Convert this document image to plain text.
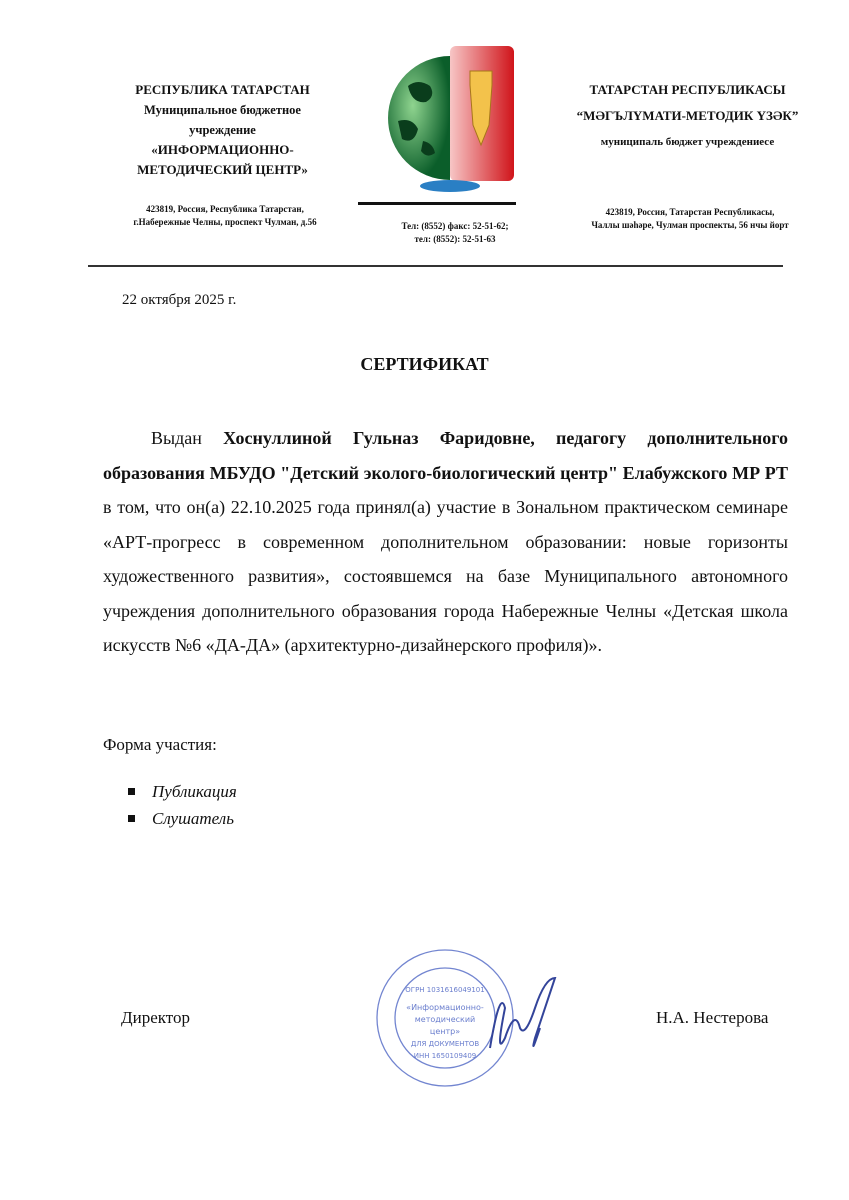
РЕСПУБЛИКА ТАТАРСТАН
Муниципальное бюджетное
учреждение
«ИНФОРМАЦИОННО-
МЕТОДИЧЕСКИЙ ЦЕНТР»
423819, Россия, Республика Татарстан,
г.Набережные Челны, проспект Чулман, д.56	Тел: (8552) факс: 52-51-62;
тел: (8552): 52-51-63
ТАТАРСТАН РЕСПУБЛИКАСЫ
“МӘГЪЛҮМАТИ-МЕТОДИК ҮЗӘК”
муниципаль бюджет учреждениесе
423819, Россия, Татарстан Республикасы,
Чаллы шәһәре, Чулман проспекты, 56 нчы йорт
22 октября 2025 г.
СЕРТИФИКАТ
Выдан Хоснуллиной Гульназ Фаридовне, педагогу дополнительного образования МБУДО "Детский эколого-биологический центр" Елабужского МР РТ в том, что он(а) 22.10.2025 года принял(а) участие в Зональном практическом семинаре «АРТ-прогресс в современном дополнительном образовании: новые горизонты художественного развития», состоявшемся на базе Муниципального автономного учреждения дополнительного образования города Набережные Челны «Детская школа искусств №6 «ДА-ДА» (архитектурно-дизайнерского профиля)».
Форма участия:
Публикация
Слушатель
ОГРН 1031616049101
«Информационно-
методический
центр»
ДЛЯ ДОКУМЕНТОВ
ИНН 1650109409
Директор	Н.А. Нестерова
